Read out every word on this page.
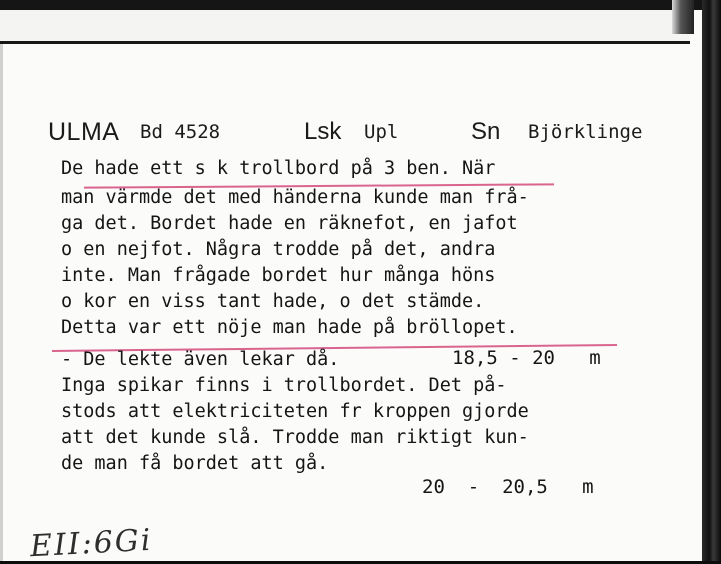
ULMA Bd 4528	Lsk Upl	Sn Björklinge

De hade ett s k trollbord på 3 ben. När

man värmde det med händerna kunde man frå-

ga det. Bordet hade en räknefot, en jafot

o en nejfot. Några trodde på det, andra

inte. Man frågade bordet hur många höns

o kor en viss tant hade, o det stämde.

Detta var ett nöje man hade på bröllopet.

- De lekte även lekar då.

Inga spikar finns i trollbordet. Det på-

stods att elektriciteten fr kroppen gjorde

att det kunde slå. Trodde man riktigt kun-

de man få bordet att gå.

18,5 - 20   m
20  -  20,5   m
EII:6Gi
